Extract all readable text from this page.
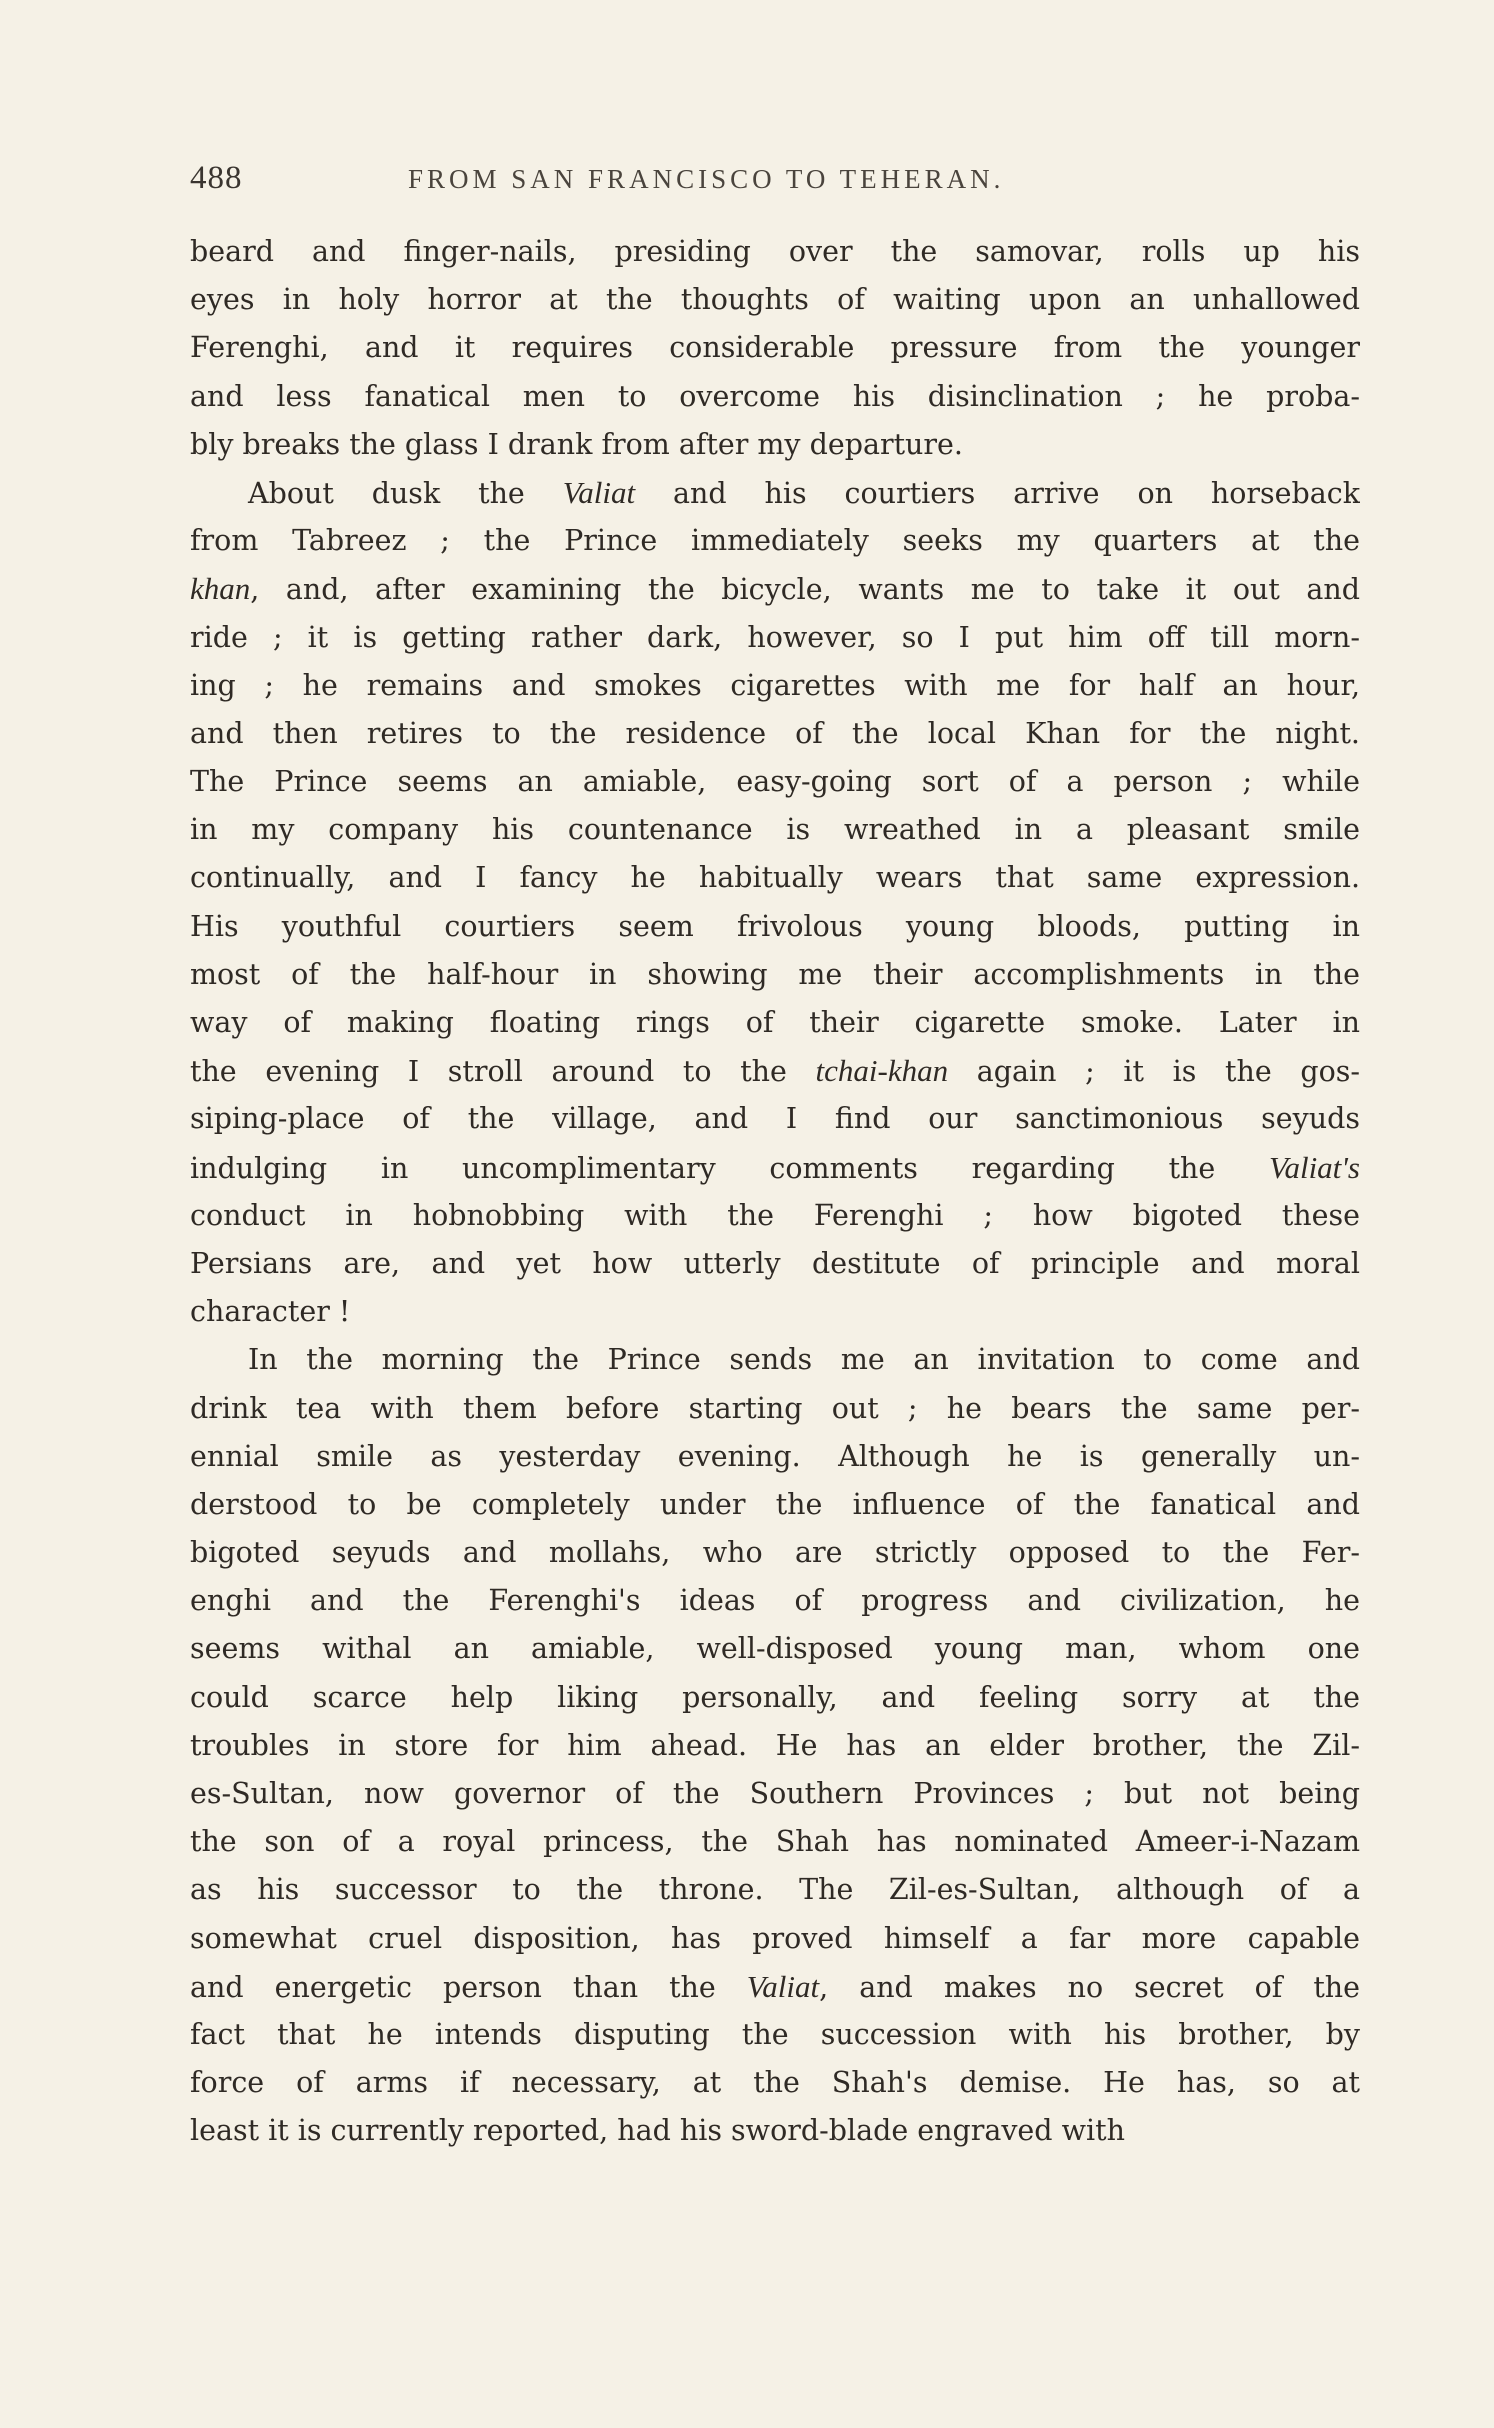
488	FROM SAN FRANCISCO TO TEHERAN.
beard and finger-nails, presiding over the samovar, rolls up his
eyes in holy horror at the thoughts of waiting upon an unhallowed
Ferenghi, and it requires considerable pressure from the younger
and less fanatical men to overcome his disinclination ; he proba-
bly breaks the glass I drank from after my departure.
About dusk the Valiat and his courtiers arrive on horseback
from Tabreez ; the Prince immediately seeks my quarters at the
khan, and, after examining the bicycle, wants me to take it out and
ride ; it is getting rather dark, however, so I put him off till morn-
ing ; he remains and smokes cigarettes with me for half an hour,
and then retires to the residence of the local Khan for the night.
The Prince seems an amiable, easy-going sort of a person ; while
in my company his countenance is wreathed in a pleasant smile
continually, and I fancy he habitually wears that same expression.
His youthful courtiers seem frivolous young bloods, putting in
most of the half-hour in showing me their accomplishments in the
way of making floating rings of their cigarette smoke. Later in
the evening I stroll around to the tchai-khan again ; it is the gos-
siping-place of the village, and I find our sanctimonious seyuds
indulging in uncomplimentary comments regarding the Valiat's
conduct in hobnobbing with the Ferenghi ; how bigoted these
Persians are, and yet how utterly destitute of principle and moral
character !
In the morning the Prince sends me an invitation to come and
drink tea with them before starting out ; he bears the same per-
ennial smile as yesterday evening. Although he is generally un-
derstood to be completely under the influence of the fanatical and
bigoted seyuds and mollahs, who are strictly opposed to the Fer-
enghi and the Ferenghi's ideas of progress and civilization, he
seems withal an amiable, well-disposed young man, whom one
could scarce help liking personally, and feeling sorry at the
troubles in store for him ahead. He has an elder brother, the Zil-
es-Sultan, now governor of the Southern Provinces ; but not being
the son of a royal princess, the Shah has nominated Ameer-i-Nazam
as his successor to the throne. The Zil-es-Sultan, although of a
somewhat cruel disposition, has proved himself a far more capable
and energetic person than the Valiat, and makes no secret of the
fact that he intends disputing the succession with his brother, by
force of arms if necessary, at the Shah's demise. He has, so at
least it is currently reported, had his sword-blade engraved with
